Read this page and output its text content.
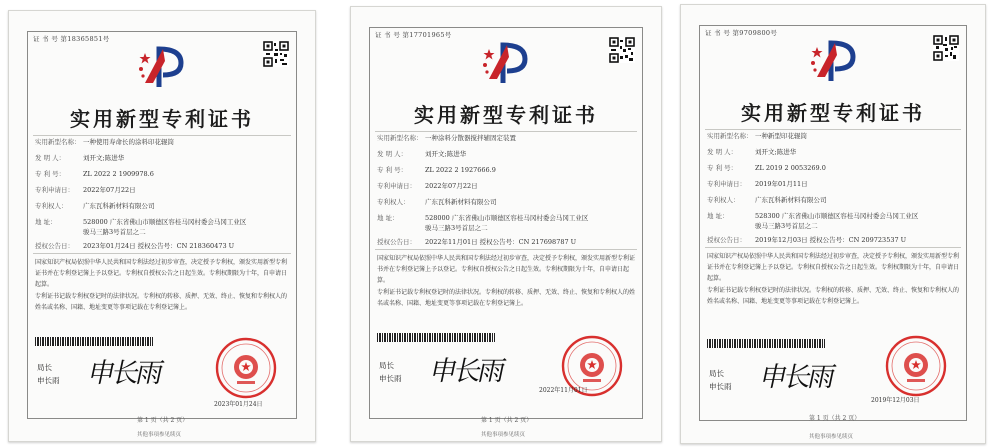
证 书 号 第18365851号
实用新型专利证书
实用新型名称： 一种使用寿命长的涂料印花辊筒
发 明 人：	刘开文;陈进华
专 利 号：	ZL 2022 2 1909978.6
专利申请日： 2022年07月22日
专利权人： 广东瓦科新材料有限公司
地 址：	528000 广东省佛山市顺德区容桂马冈村委会马冈工业区
骏马三路3号首层之二
授权公告日： 2023年01月24日 授权公告号：CN 218360473 U
国家知识产权局依照中华人民共和国专利法经过初步审查，决定授予专利权，颁发实用新型专利证书并在专利登记簿上予以登记。专利权自授权公告之日起生效。专利权期限为十年，自申请日起算。
专利证书记载专利权登记时的法律状况。专利权的转移、质押、无效、终止、恢复和专利权人的姓名或名称、国籍、地址变更等事项记载在专利登记簿上。
局长
申长雨 申长雨
2023年01月24日
第 1 页（共 2 页）
其他事项参见续页
证 书 号 第17701965号
实用新型专利证书
实用新型名称： 一种涂料分散器搅拌辅固定装置
发 明 人：	刘开文;陈进华
专 利 号：	ZL 2022 2 1927666.9
专利申请日： 2022年07月22日
专利权人： 广东瓦科新材料有限公司
地 址：	528000 广东省佛山市顺德区容桂马冈村委会马冈工业区
骏马三路3号首层之二
授权公告日： 2022年11月01日 授权公告号：CN 217698787 U
国家知识产权局依照中华人民共和国专利法经过初步审查，决定授予专利权，颁发实用新型专利证书并在专利登记簿上予以登记。专利权自授权公告之日起生效。专利权期限为十年，自申请日起算。
专利证书记载专利权登记时的法律状况。专利权的转移、质押、无效、终止、恢复和专利权人的姓名或名称、国籍、地址变更等事项记载在专利登记簿上。
局长
申长雨 申长雨
2022年11月01日
第 1 页（共 2 页）
其他事项参见续页
证 书 号 第9709800号
实用新型专利证书
实用新型名称： 一种新型印花辊筒
发 明 人：	刘开文;陈进华
专 利 号：	ZL 2019 2 0053269.0
专利申请日： 2019年01月11日
专利权人： 广东瓦科新材料有限公司
地 址：	528300 广东省佛山市顺德区容桂马冈村委会马冈工业区
骏马三路3号首层之二
授权公告日： 2019年12月03日 授权公告号：CN 209723537 U
国家知识产权局依照中华人民共和国专利法经过初步审查，决定授予专利权，颁发实用新型专利证书并在专利登记簿上予以登记。专利权自授权公告之日起生效。专利权期限为十年，自申请日起算。
专利证书记载专利权登记时的法律状况。专利权的转移、质押、无效、终止、恢复和专利权人的姓名或名称、国籍、地址变更等事项记载在专利登记簿上。
局长
申长雨 申长雨
2019年12月03日
第 1 页（共 2 页）
其他事项参见续页
